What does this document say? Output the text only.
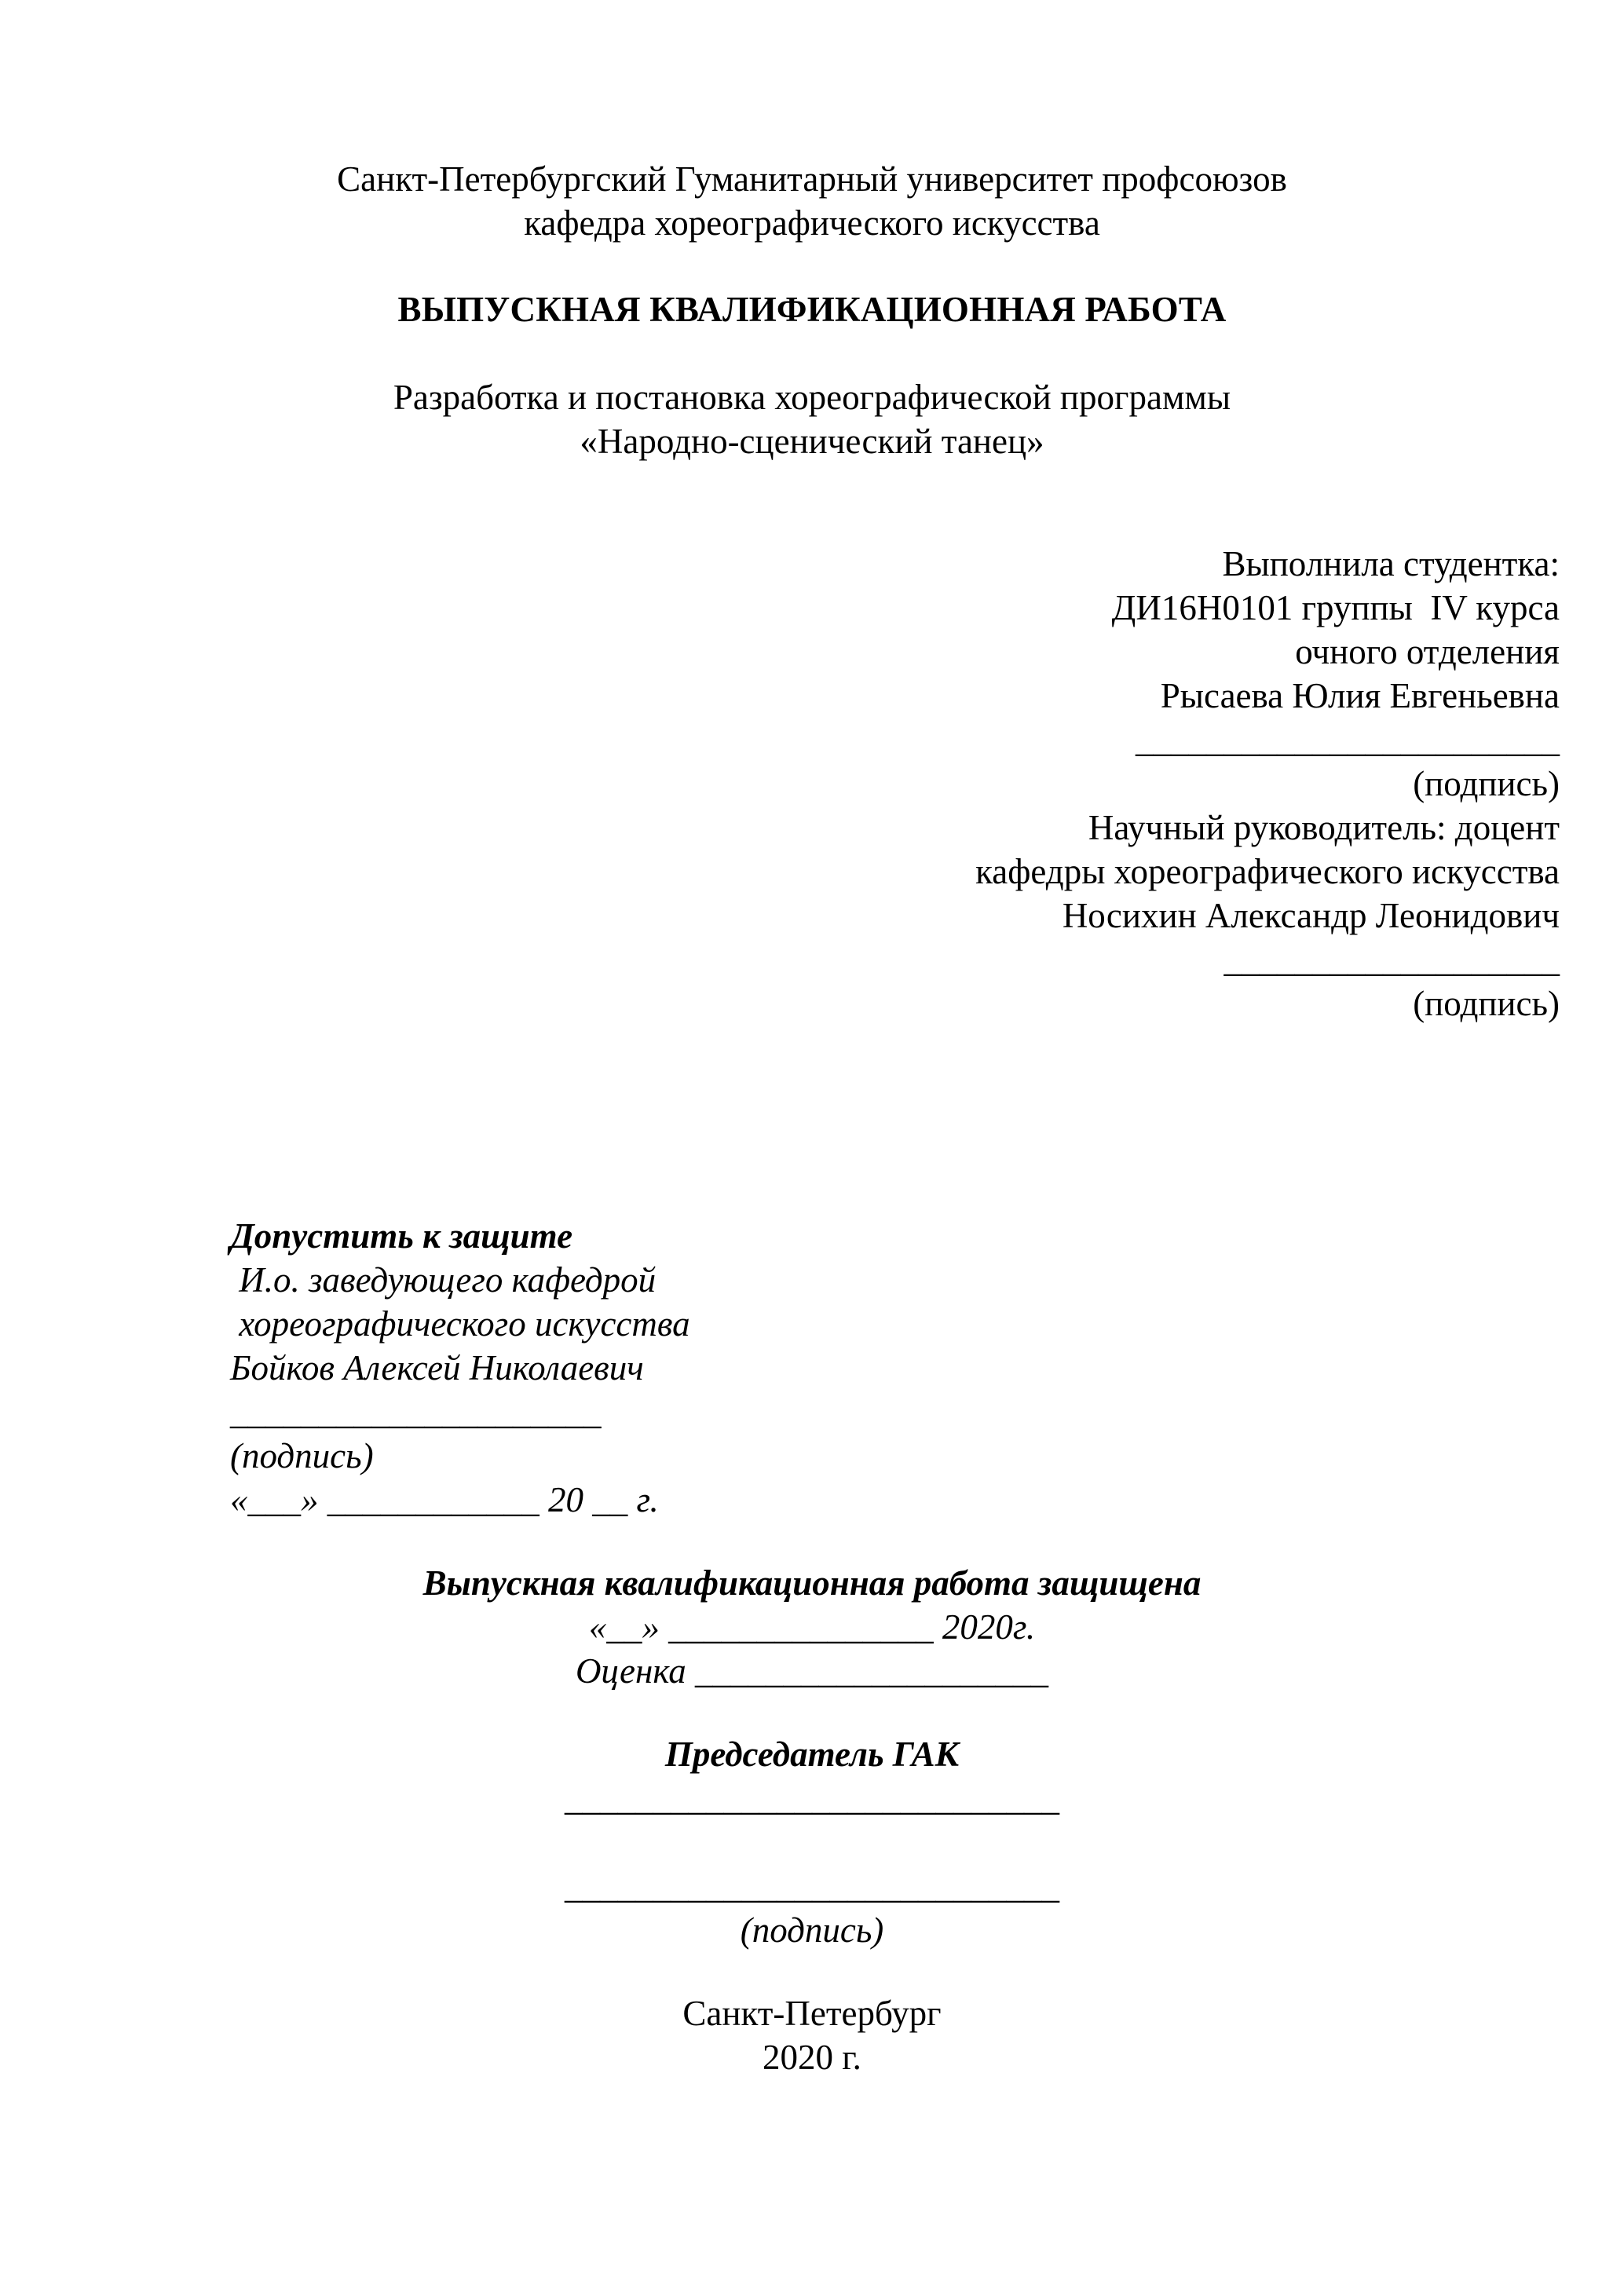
Санкт-Петербургский Гуманитарный университет профсоюзов
кафедра хореографического искусства
ВЫПУСКНАЯ КВАЛИФИКАЦИОННАЯ РАБОТА
Разработка и постановка хореографической программы
«Народно-сценический танец»
Выполнила студентка:
ДИ16Н0101 группы  IV курса
очного отделения
Рысаева Юлия Евгеньевна
________________________
(подпись)
Научный руководитель: доцент
кафедры хореографического искусства
Носихин Александр Леонидович
___________________
(подпись)
Допустить к защите
И.о. заведующего кафедрой
хореографического искусства
Бойков Алексей Николаевич
_____________________
(подпись)
«___» ____________ 20 __ г.
Выпускная квалификационная работа защищена
«__» _______________ 2020г.
Оценка ____________________
Председатель ГАК
____________________________
____________________________
(подпись)
Санкт-Петербург
2020 г.
